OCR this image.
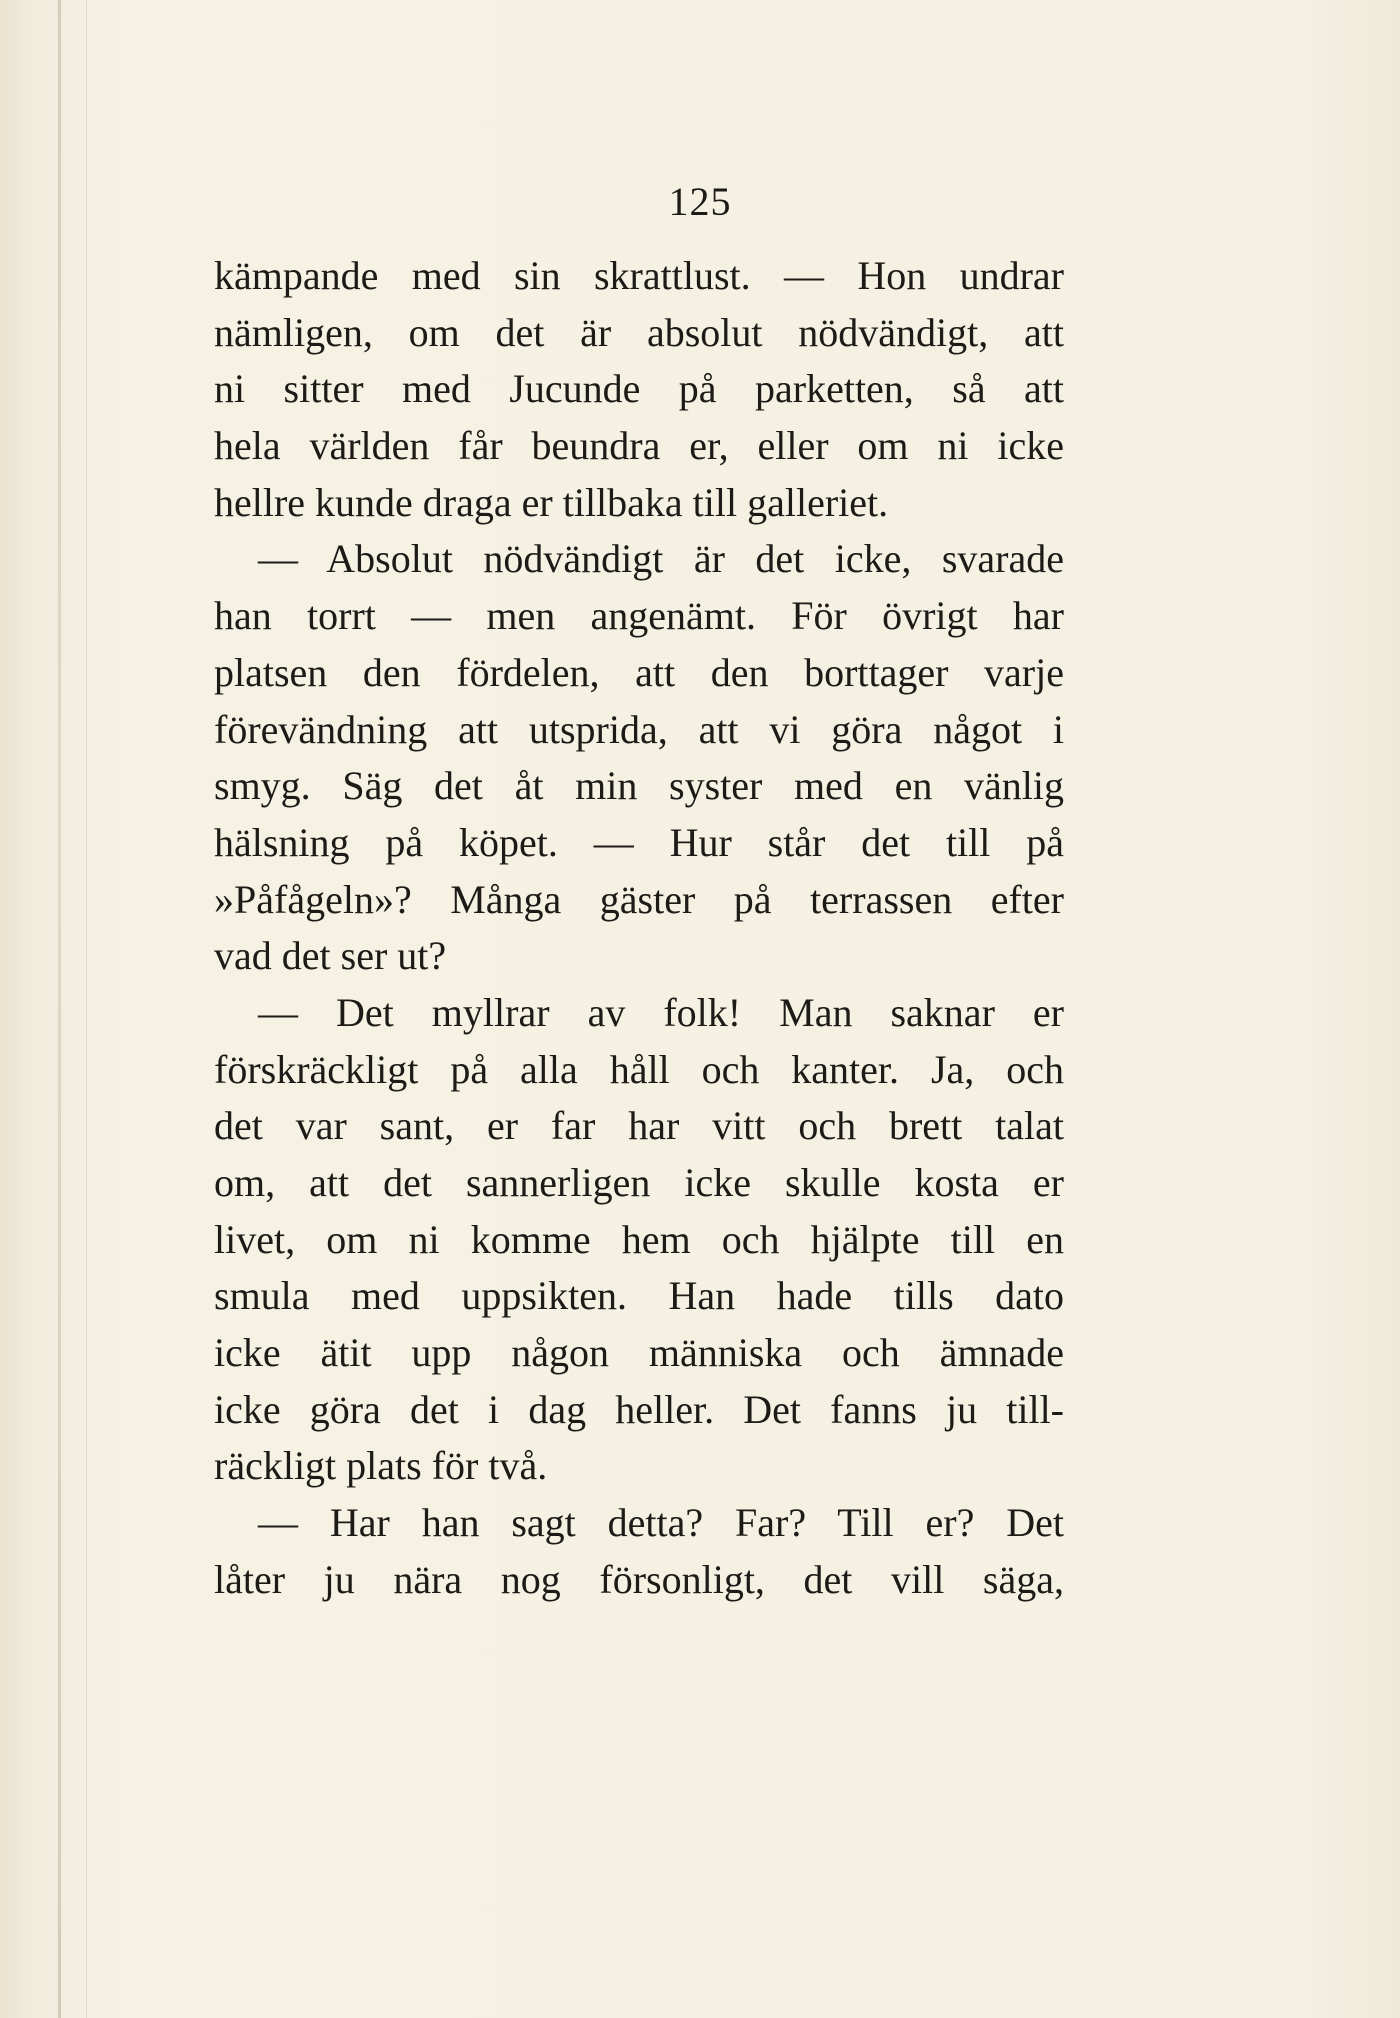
125
kämpande med sin skrattlust. — Hon undrar
nämligen, om det är absolut nödvändigt, att
ni sitter med Jucunde på parketten, så att
hela världen får beundra er, eller om ni icke
hellre kunde draga er tillbaka till galleriet.
— Absolut nödvändigt är det icke, svarade
han torrt — men angenämt. För övrigt har
platsen den fördelen, att den borttager varje
förevändning att utsprida, att vi göra något i
smyg. Säg det åt min syster med en vänlig
hälsning på köpet. — Hur står det till på
»Påfågeln»? Många gäster på terrassen efter
vad det ser ut?
— Det myllrar av folk! Man saknar er
förskräckligt på alla håll och kanter. Ja, och
det var sant, er far har vitt och brett talat
om, att det sannerligen icke skulle kosta er
livet, om ni komme hem och hjälpte till en
smula med uppsikten. Han hade tills dato
icke ätit upp någon människa och ämnade
icke göra det i dag heller. Det fanns ju till-
räckligt plats för två.
— Har han sagt detta? Far? Till er? Det
låter ju nära nog försonligt, det vill säga,
